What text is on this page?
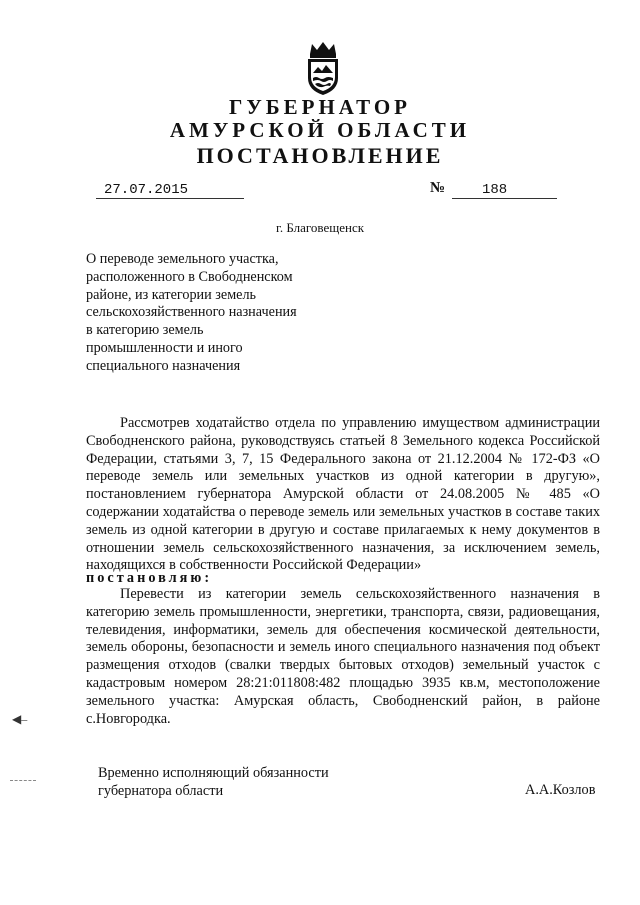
ГУБЕРНАТОР
АМУРСКОЙ ОБЛАСТИ
ПОСТАНОВЛЕНИЕ
27.07.2015	№	188
г. Благовещенск
О переводе земельного участка,
расположенного в Свободненском
районе, из категории земель
сельскохозяйственного назначения
в категорию земель
промышленности и иного
специального назначения
Рассмотрев ходатайство отдела по управлению имуществом администрации Свободненского района, руководствуясь статьей 8 Земельного кодекса Российской Федерации, статьями 3, 7, 15 Федерального закона от 21.12.2004 № 172-ФЗ «О переводе земель или земельных участков из одной категории в другую», постановлением губернатора Амурской области от 24.08.2005 № 485 «О содержании ходатайства о переводе земель или земельных участков в составе таких земель из одной категории в другую и составе прилагаемых к нему документов в отношении земель сельскохозяйственного назначения, за исключением земель, находящихся в собственности Российской Федерации»
постановляю:
Перевести из категории земель сельскохозяйственного назначения в категорию земель промышленности, энергетики, транспорта, связи, радиовещания, телевидения, информатики, земель для обеспечения космической деятельности, земель обороны, безопасности и земель иного специального назначения под объект размещения отходов (свалки твердых бытовых отходов) земельный участок с кадастровым номером 28:21:011808:482 площадью 3935 кв.м, местоположение земельного участка: Амурская область, Свободненский район, в районе с.Новгородка.
◀–
Временно исполняющий обязанности
губернатора области	А.А.Козлов
